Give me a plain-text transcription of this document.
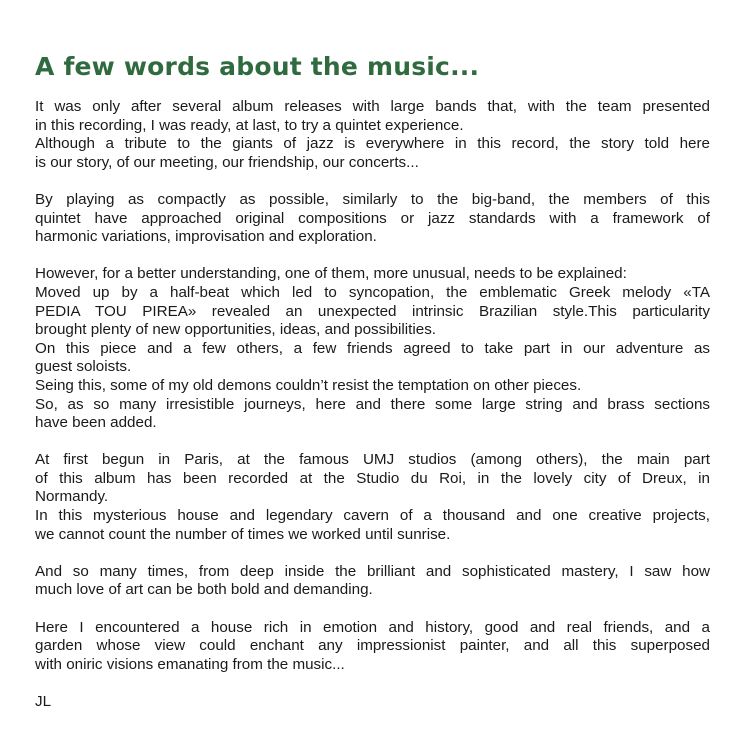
A few words about the music...
It was only after several album releases with large bands that, with the team presented
in this recording, I was ready, at last, to try a quintet experience.
Although a tribute to the giants of jazz is everywhere in this record, the story told here
is our story, of our meeting, our friendship, our concerts...
By playing as compactly as possible, similarly to the big-band, the members of this
quintet have approached original compositions or jazz standards with a framework of
harmonic variations, improvisation and exploration.
However, for a better understanding, one of them, more unusual, needs to be explained:
Moved up by a half-beat which led to syncopation, the emblematic Greek melody «TA
PEDIA TOU PIREA» revealed an unexpected intrinsic Brazilian style.This particularity
brought plenty of new opportunities, ideas, and possibilities.
On this piece and a few others, a few friends agreed to take part in our adventure as
guest soloists.
Seing this, some of my old demons couldn’t resist the temptation on other pieces.
So, as so many irresistible journeys, here and there some large string and brass sections
have been added.
At first begun in Paris, at the famous UMJ studios (among others), the main part
of this album has been recorded at the Studio du Roi, in the lovely city of Dreux, in
Normandy.
In this mysterious house and legendary cavern of a thousand and one creative projects,
we cannot count the number of times we worked until sunrise.
And so many times, from deep inside the brilliant and sophisticated mastery, I saw how
much love of art can be both bold and demanding.
Here I encountered a house rich in emotion and history, good and real friends, and a
garden whose view could enchant any impressionist painter, and all this superposed
with oniric visions emanating from the music...

JL
